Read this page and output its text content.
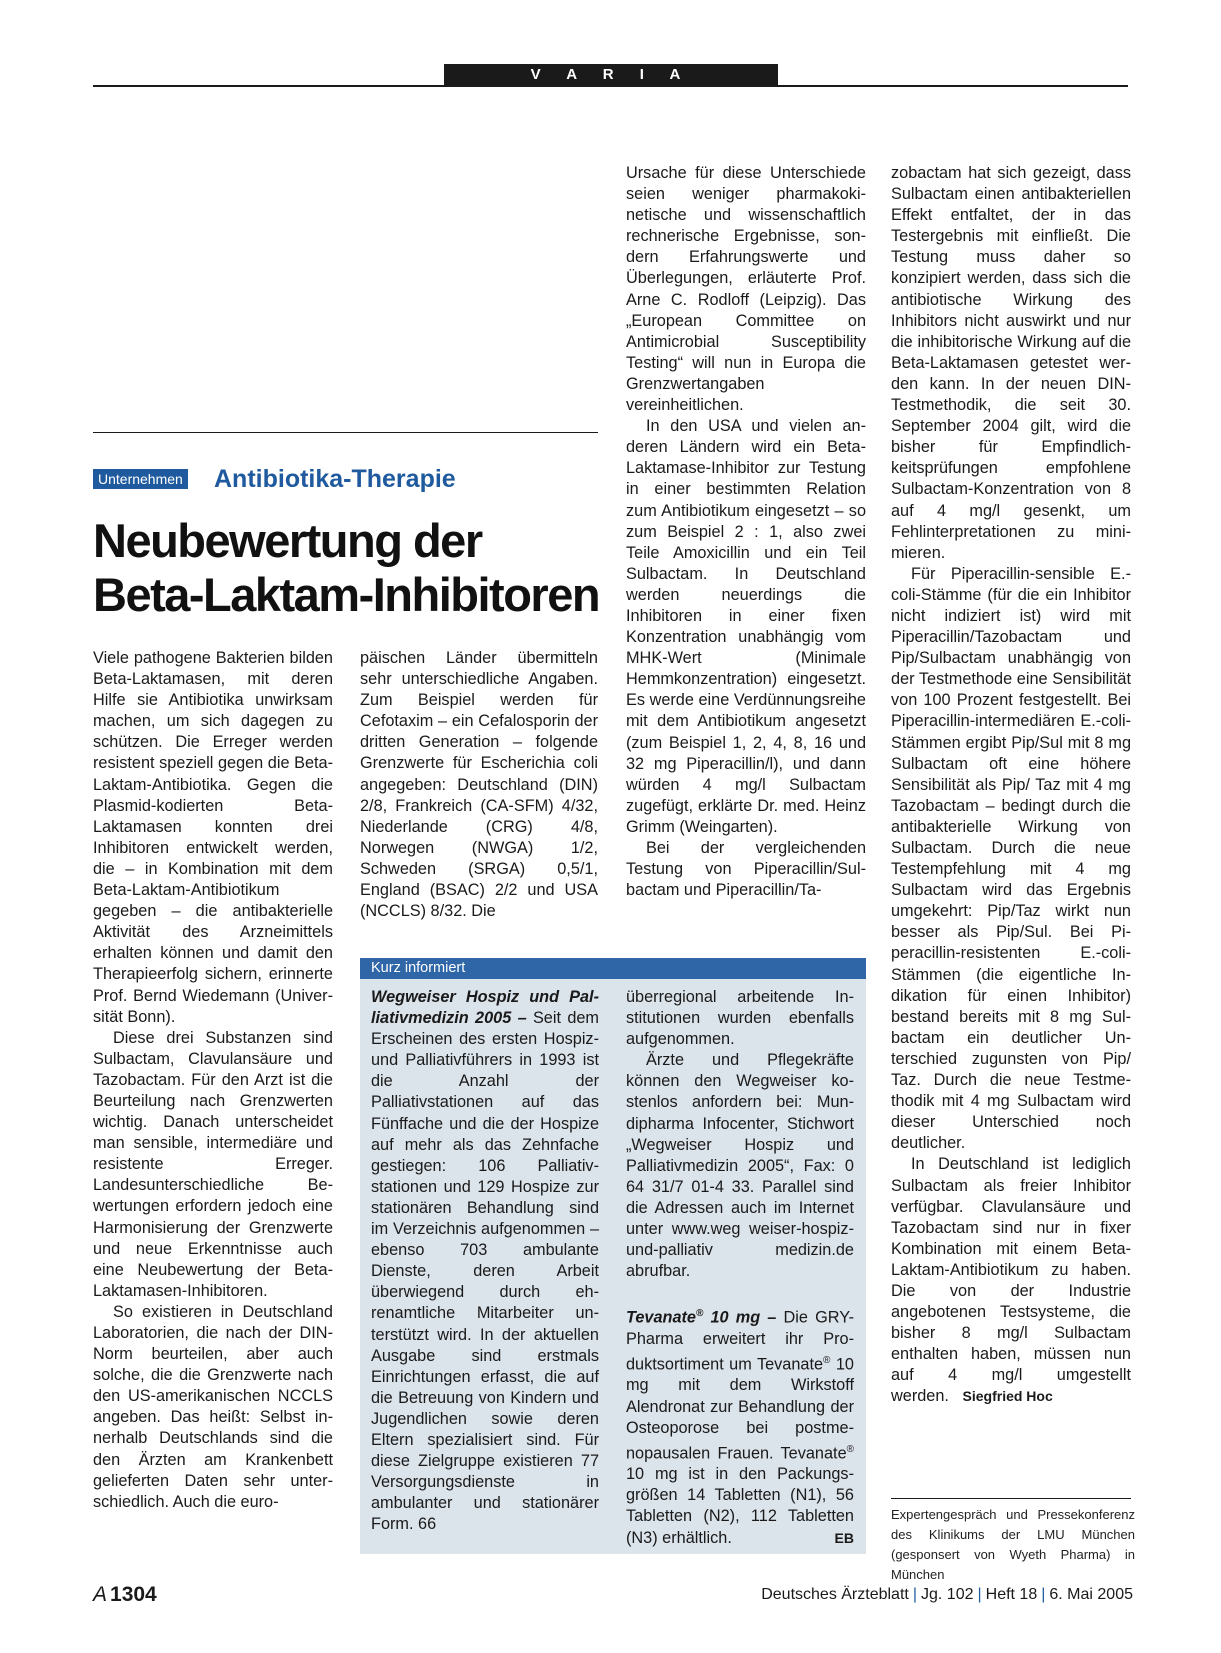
V A R I A
Unternehmen Antibiotika-Therapie
Neubewertung der
Beta-Laktam-Inhibitoren

Viele pathogene Bakterien bilden Beta-Laktamasen, mit deren Hilfe sie Antibiotika unwirksam machen, um sich dagegen zu schützen. Die Erreger werden resistent speziell gegen die Beta-Laktam-Antibiotika. Gegen die Plasmid-kodierten Beta-Laktamasen konnten drei Inhibitoren entwickelt werden, die – in Kombination mit dem Beta-Laktam-Antibiotikum gegeben – die antibakterielle Aktivität des Arzneimittels erhalten können und damit den Therapieerfolg sichern, erinnerte Prof. Bernd Wiedemann (Universität Bonn).

Diese drei Substanzen sind Sulbactam, Clavulansäure und Tazobactam. Für den Arzt ist die Beurteilung nach Grenzwerten wichtig. Danach unterscheidet man sensible, intermediäre und resistente Erreger. Landesunterschiedliche Bewertungen erfordern jedoch eine Harmonisierung der Grenzwerte und neue Erkenntnisse auch eine Neubewertung der Beta-Laktamasen-Inhibitoren.

So existieren in Deutschland Laboratorien, die nach der DIN-Norm beurteilen, aber auch solche, die die Grenzwerte nach den US-amerikanischen NCCLS angeben. Das heißt: Selbst innerhalb Deutschlands sind die den Ärzten am Krankenbett gelieferten Daten sehr unterschiedlich. Auch die euro-

päischen Länder übermitteln sehr unterschiedliche Angaben. Zum Beispiel werden für Cefotaxim – ein Cefalosporin der dritten Generation – folgende Grenzwerte für Escherichia coli angegeben: Deutschland (DIN) 2/8, Frankreich (CA-SFM) 4/32, Niederlande (CRG) 4/8, Norwegen (NWGA) 1/2, Schweden (SRGA) 0,5/1, England (BSAC) 2/2 und USA (NCCLS) 8/32. Die

Ursache für diese Unterschiede seien weniger pharmakokinetische und wissenschaftlich rechnerische Ergebnisse, sondern Erfahrungswerte und Überlegungen, erläuterte Prof. Arne C. Rodloff (Leipzig). Das „European Committee on Antimicrobial Susceptibility Testing“ will nun in Europa die Grenzwertangaben vereinheitlichen.

In den USA und vielen anderen Ländern wird ein Beta-Laktamase-Inhibitor zur Testung in einer bestimmten Relation zum Antibiotikum eingesetzt – so zum Beispiel 2 : 1, also zwei Teile Amoxicillin und ein Teil Sulbactam. In Deutschland werden neuerdings die Inhibitoren in einer fixen Konzentration unabhängig vom MHK-Wert (Minimale Hemmkonzentration) eingesetzt. Es werde eine Verdünnungsreihe mit dem Antibiotikum angesetzt (zum Beispiel 1, 2, 4, 8, 16 und 32 mg Piperacillin/l), und dann würden 4 mg/l Sulbactam zugefügt, erklärte Dr. med. Heinz Grimm (Weingarten).

Bei der vergleichenden Testung von Piperacillin/Sulbactam und Piperacillin/Ta-

zobactam hat sich gezeigt, dass Sulbactam einen antibakteriellen Effekt entfaltet, der in das Testergebnis mit einfließt. Die Testung muss daher so konzipiert werden, dass sich die antibiotische Wirkung des Inhibitors nicht auswirkt und nur die inhibitorische Wirkung auf die Beta-Laktamasen getestet werden kann. In der neuen DIN-Testmethodik, die seit 30. September 2004 gilt, wird die bisher für Empfindlichkeitsprüfungen empfohlene Sulbactam-Konzentration von 8 auf 4 mg/l gesenkt, um Fehlinterpretationen zu minimieren.

Für Piperacillin-sensible E.-coli-Stämme (für die ein Inhibitor nicht indiziert ist) wird mit Piperacillin/Tazobactam und Pip/Sulbactam unabhängig von der Testmethode eine Sensibilität von 100 Prozent festgestellt. Bei Piperacillin-intermediären E.-coli-Stämmen ergibt Pip/Sul mit 8 mg Sulbactam oft eine höhere Sensibilität als Pip/ Taz mit 4 mg Tazobactam – bedingt durch die antibakterielle Wirkung von Sulbactam. Durch die neue Testempfehlung mit 4 mg Sulbactam wird das Ergebnis umgekehrt: Pip/Taz wirkt nun besser als Pip/Sul. Bei Piperacillin-resistenten E.-coli-Stämmen (die eigentliche Indikation für einen Inhibitor) bestand bereits mit 8 mg Sulbactam ein deutlicher Unterschied zugunsten von Pip/ Taz. Durch die neue Testmethodik mit 4 mg Sulbactam wird dieser Unterschied noch deutlicher.

In Deutschland ist lediglich Sulbactam als freier Inhibitor verfügbar. Clavulansäure und Tazobactam sind nur in fixer Kombination mit einem Beta-Laktam-Antibiotikum zu haben. Die von der Industrie angebotenen Testsysteme, die bisher 8 mg/l Sulbactam enthalten haben, müssen nun auf 4 mg/l umgestellt werden. Siegfried Hoc

Expertengespräch und Pressekonferenz des Klinikums der LMU München (gesponsert von Wyeth Pharma) in München

Wegweiser Hospiz und Palliativmedizin 2005 – Seit dem Erscheinen des ersten Hospiz- und Palliativführers in 1993 ist die Anzahl der Palliativstationen auf das Fünffache und die der Hospize auf mehr als das Zehnfache gestiegen: 106 Palliativstationen und 129 Hospize zur stationären Behandlung sind im Verzeichnis aufgenommen – ebenso 703 ambulante Dienste, deren Arbeit überwiegend durch ehrenamtliche Mitarbeiter unterstützt wird. In der aktuellen Ausgabe sind erstmals Einrichtungen erfasst, die auf die Betreuung von Kindern und Jugendlichen sowie deren Eltern spezialisiert sind. Für diese Zielgruppe existieren 77 Versorgungsdienste in ambulanter und stationärer Form. 66

überregional arbeitende Institutionen wurden ebenfalls aufgenommen.

Ärzte und Pflegekräfte können den Wegweiser kostenlos anfordern bei: Mundipharma Infocenter, Stichwort „Wegweiser Hospiz und Palliativmedizin 2005“, Fax: 0 64 31/7 01-4 33. Parallel sind die Adressen auch im Internet unter www.weg weiser-hospiz-und-palliativ medizin.de abrufbar.

Tevanate® 10 mg – Die GRY-Pharma erweitert ihr Produktsortiment um Tevanate® 10 mg mit dem Wirkstoff Alendronat zur Behandlung der Osteoporose bei postmenopausalen Frauen. Tevanate® 10 mg ist in den Packungsgrößen 14 Tabletten (N1), 56 Tabletten (N2), 112 Tabletten (N3) erhältlich.	EB

Kurz informiert
A 1304	Deutsches Ärzteblatt | Jg. 102 | Heft 18 | 6. Mai 2005
